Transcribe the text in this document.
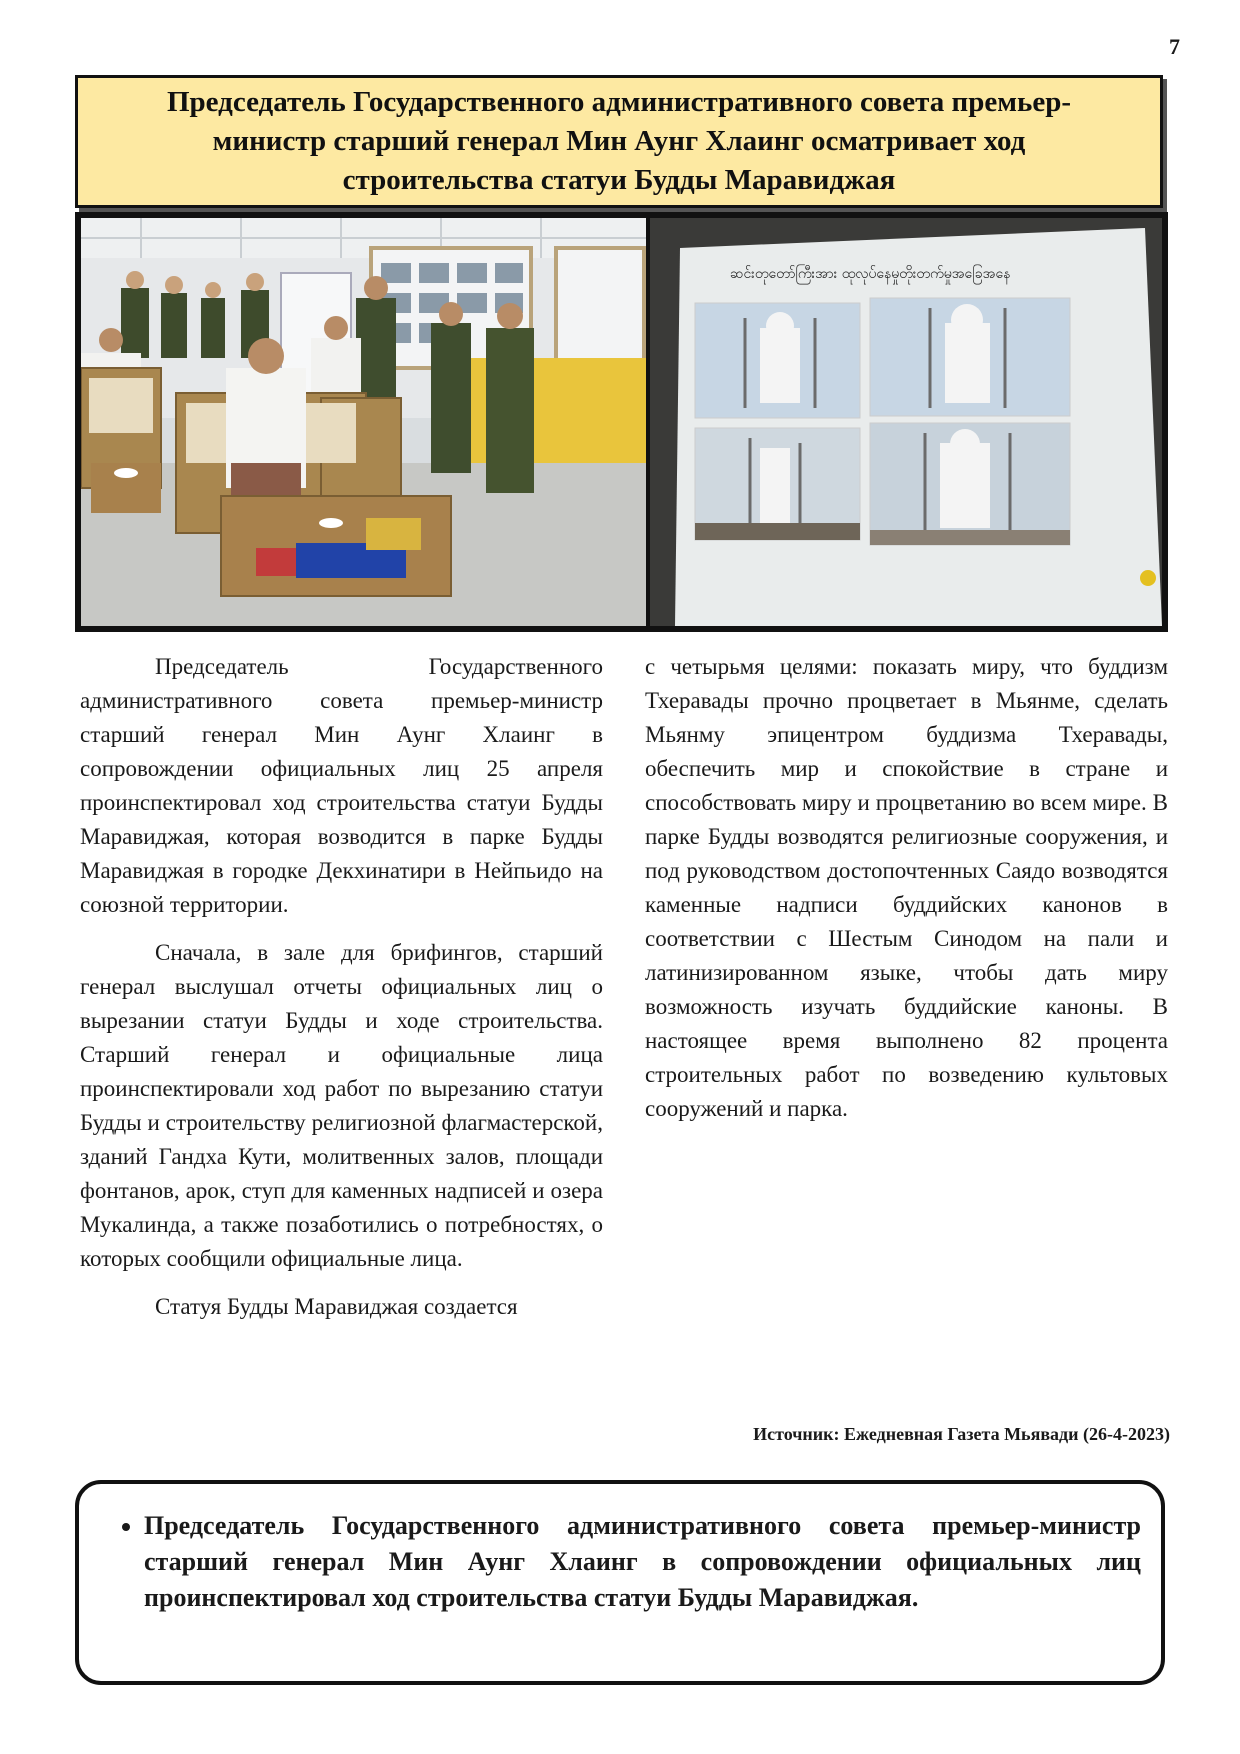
7
Председатель Государственного административного совета премьер-министр старший генерал Мин Аунг Хлаинг осматривает ход строительства статуи Будды Маравиджая
ဆင်းတုတော်ကြီးအား ထုလုပ်နေမှုတိုးတက်မှုအခြေအနေ

Председатель Государственного административного совета премьер-министр старший генерал Мин Аунг Хлаинг в сопровождении официальных лиц 25 апреля проинспектировал ход строительства статуи Будды Маравиджая, которая возводится в парке Будды Маравиджая в городке Декхинатири в Нейпьидо на союзной территории.

Сначала, в зале для брифингов, старший генерал выслушал отчеты официальных лиц о вырезании статуи Будды и ходе строительства. Старший генерал и официальные лица проинспектировали ход работ по вырезанию статуи Будды и строительству религиозной флагмастерской, зданий Гандха Кути, молитвенных залов, площади фонтанов, арок, ступ для каменных надписей и озера Мукалинда, а также позаботились о потребностях, о которых сообщили официальные лица.

Статуя Будды Маравиджая создается

с четырьмя целями: показать миру, что буддизм Тхеравады прочно процветает в Мьянме, сделать Мьянму эпицентром буддизма Тхеравады, обеспечить мир и спокойствие в стране и способствовать миру и процветанию во всем мире. В парке Будды возводятся религиозные сооружения, и под руководством достопочтенных Саядо возводятся каменные надписи буддийских канонов в соответствии с Шестым Синодом на пали и латинизированном языке, чтобы дать миру возможность изучать буддийские каноны. В настоящее время выполнено 82 процента строительных работ по возведению культовых сооружений и парка.

Источник: Ежедневная Газета Мьявади (26-4-2023)
• Председатель Государственного административного совета премьер-министр старший генерал Мин Аунг Хлаинг в сопровождении официальных лиц проинспектировал ход строительства статуи Будды Маравиджая.
